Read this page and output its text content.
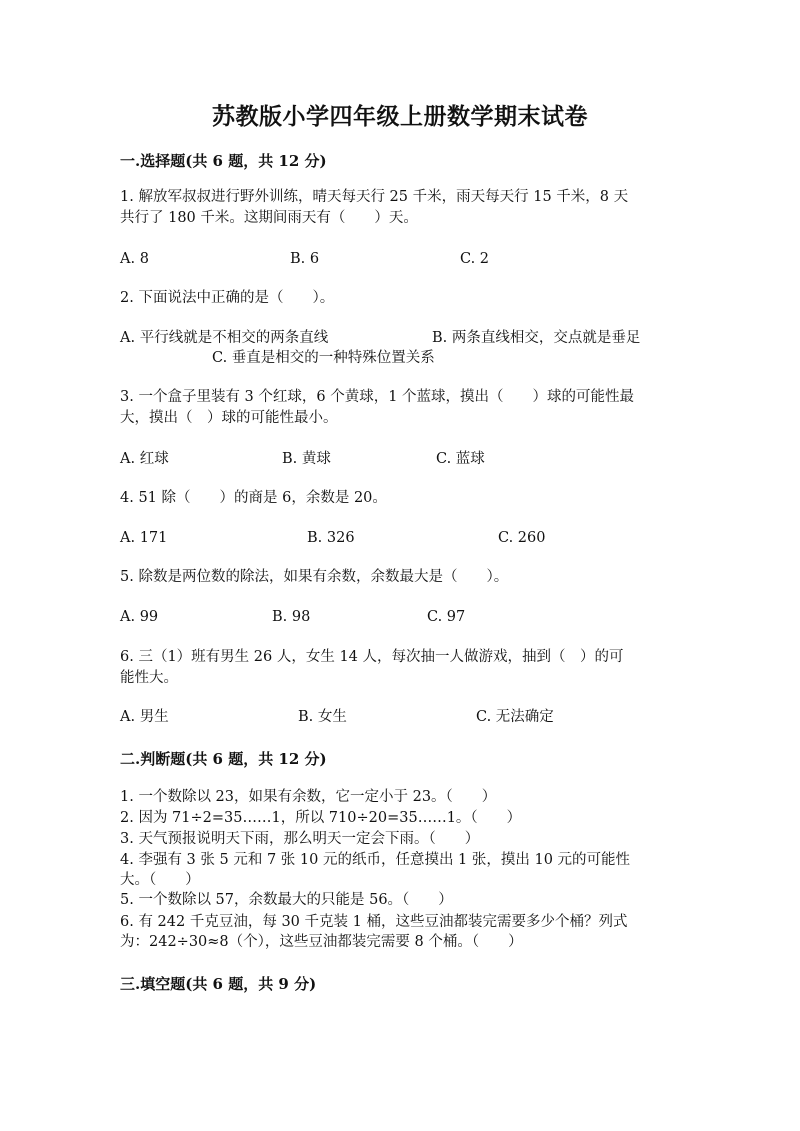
苏教版小学四年级上册数学期末试卷
一.选择题(共 6 题，共 12 分)
1. 解放军叔叔进行野外训练，晴天每天行 25 千米，雨天每天行 15 千米，8 天
共行了 180 千米。这期间雨天有（　　）天。
A. 8	B. 6	C. 2
2. 下面说法中正确的是（　　）。
A. 平行线就是不相交的两条直线	B. 两条直线相交，交点就是垂足
C. 垂直是相交的一种特殊位置关系
3. 一个盒子里装有 3 个红球，6 个黄球，1 个蓝球，摸出（　　）球的可能性最
大，摸出（　）球的可能性最小。
A. 红球	B. 黄球	C. 蓝球
4. 51 除（　　）的商是 6，余数是 20。
A. 171	B. 326	C. 260
5. 除数是两位数的除法，如果有余数，余数最大是（　　）。
A. 99	B. 98	C. 97
6. 三（1）班有男生 26 人，女生 14 人，每次抽一人做游戏，抽到（　）的可
能性大。
A. 男生	B. 女生	C. 无法确定
二.判断题(共 6 题，共 12 分)
1. 一个数除以 23，如果有余数，它一定小于 23。（　　）
2. 因为 71÷2=35……1，所以 710÷20=35……1。（　　）
3. 天气预报说明天下雨，那么明天一定会下雨。（　　）
4. 李强有 3 张 5 元和 7 张 10 元的纸币，任意摸出 1 张，摸出 10 元的可能性
大。（　　）
5. 一个数除以 57，余数最大的只能是 56。（　　）
6. 有 242 千克豆油，每 30 千克装 1 桶，这些豆油都装完需要多少个桶？列式
为：242÷30≈8（个），这些豆油都装完需要 8 个桶。（　　）
三.填空题(共 6 题，共 9 分)
